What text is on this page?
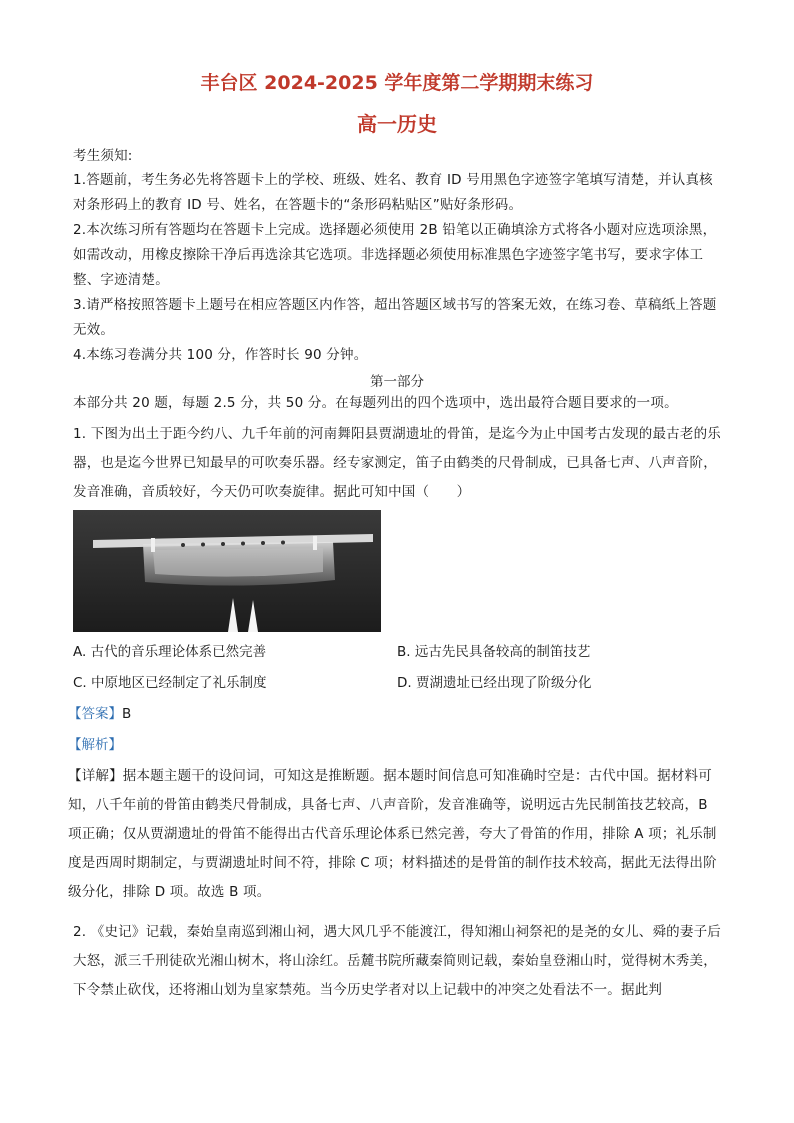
丰台区 2024-2025 学年度第二学期期末练习
高一历史
考生须知:
1.答题前，考生务必先将答题卡上的学校、班级、姓名、教育 ID 号用黑色字迹签字笔填写清楚，并认真核对条形码上的教育 ID 号、姓名，在答题卡的“条形码粘贴区”贴好条形码。
2.本次练习所有答题均在答题卡上完成。选择题必须使用 2B 铅笔以正确填涂方式将各小题对应选项涂黑，如需改动，用橡皮擦除干净后再选涂其它选项。非选择题必须使用标准黑色字迹签字笔书写，要求字体工整、字迹清楚。
3.请严格按照答题卡上题号在相应答题区内作答，超出答题区域书写的答案无效，在练习卷、草稿纸上答题无效。
4.本练习卷满分共 100 分，作答时长 90 分钟。
第一部分
本部分共 20 题，每题 2.5 分，共 50 分。在每题列出的四个选项中，选出最符合题目要求的一项。
1. 下图为出土于距今约八、九千年前的河南舞阳县贾湖遗址的骨笛，是迄今为止中国考古发现的最古老的乐器，也是迄今世界已知最早的可吹奏乐器。经专家测定，笛子由鹤类的尺骨制成，已具备七声、八声音阶，发音准确，音质较好，今天仍可吹奏旋律。据此可知中国（　　）
A. 古代的音乐理论体系已然完善	B. 远古先民具备较高的制笛技艺
C. 中原地区已经制定了礼乐制度	D. 贾湖遗址已经出现了阶级分化
【答案】B
【解析】
【详解】据本题主题干的设问词，可知这是推断题。据本题时间信息可知准确时空是：古代中国。据材料可知，八千年前的骨笛由鹤类尺骨制成，具备七声、八声音阶，发音准确等，说明远古先民制笛技艺较高，B 项正确；仅从贾湖遗址的骨笛不能得出古代音乐理论体系已然完善，夸大了骨笛的作用，排除 A 项；礼乐制度是西周时期制定，与贾湖遗址时间不符，排除 C 项；材料描述的是骨笛的制作技术较高，据此无法得出阶级分化，排除 D 项。故选 B 项。
2. 《史记》记载，秦始皇南巡到湘山祠，遇大风几乎不能渡江，得知湘山祠祭祀的是尧的女儿、舜的妻子后大怒，派三千刑徒砍光湘山树木，将山涂红。岳麓书院所藏秦简则记载，秦始皇登湘山时，觉得树木秀美，下令禁止砍伐，还将湘山划为皇家禁苑。当今历史学者对以上记载中的冲突之处看法不一。据此判
